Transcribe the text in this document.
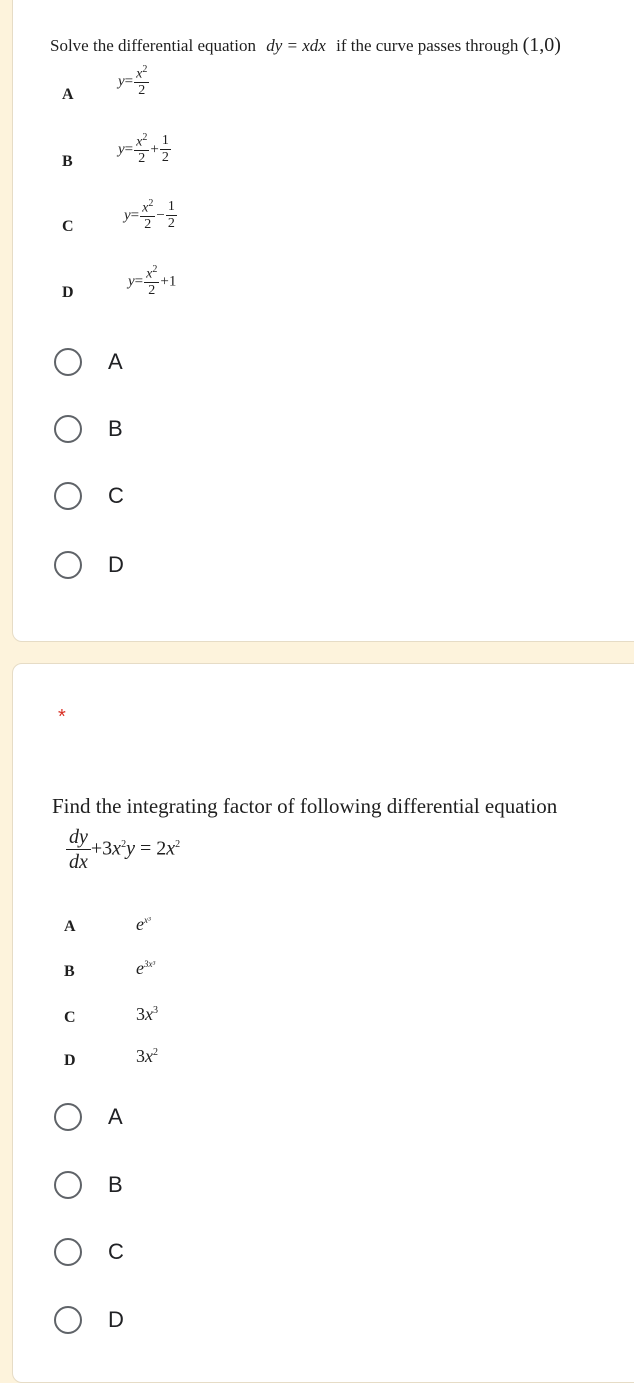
Solve the differential equation dy = xdx if the curve passes through (1,0)
A
$y= \frac{x^2}{2}$
B
$y= \frac{x^2}{2} + \frac{1}{2}$
C
$y= \frac{x^2}{2} - \frac{1}{2}$
D
$y= \frac{x^2}{2} +1$
A
B
C
D
*
Find the integrating factor of following differential equation
$\frac{dy}{dx} +3x^2y = 2x^2$
A	$e^{x^3}$
B	$e^{3x^3}$
C	$3x^3$
D	$3x^2$
A
B
C
D
